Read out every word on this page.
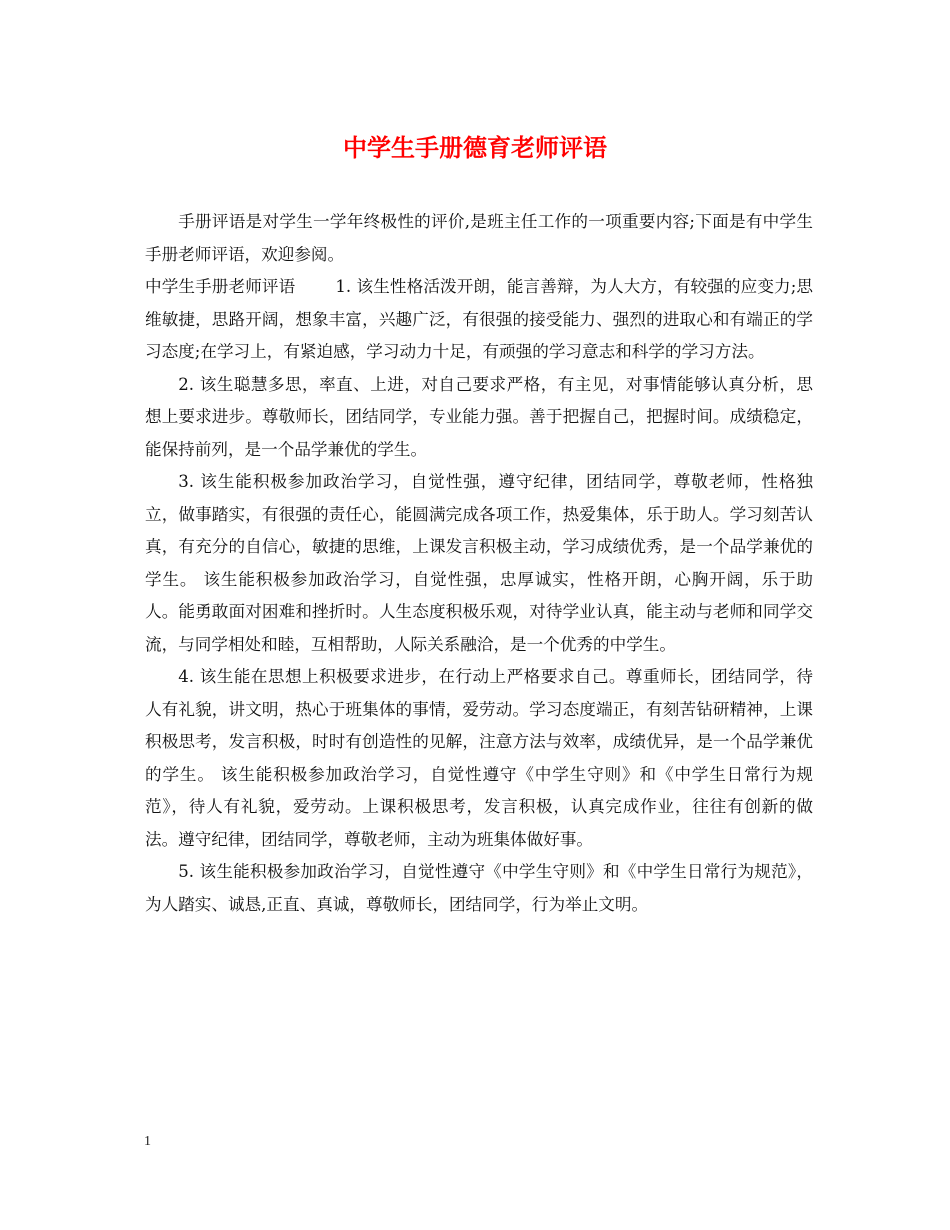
中学生手册德育老师评语

手册评语是对学生一学年终极性的评价,是班主任工作的一项重要内容;下面是有中学生手册老师评语，欢迎参阅。

中学生手册老师评语 1. 该生性格活泼开朗，能言善辩，为人大方，有较强的应变力;思维敏捷，思路开阔，想象丰富，兴趣广泛，有很强的接受能力、强烈的进取心和有端正的学习态度;在学习上，有紧迫感，学习动力十足，有顽强的学习意志和科学的学习方法。

2. 该生聪慧多思，率直、上进，对自己要求严格，有主见，对事情能够认真分析，思想上要求进步。尊敬师长，团结同学，专业能力强。善于把握自己，把握时间。成绩稳定，能保持前列，是一个品学兼优的学生。

3. 该生能积极参加政治学习，自觉性强，遵守纪律，团结同学，尊敬老师，性格独立，做事踏实，有很强的责任心，能圆满完成各项工作，热爱集体，乐于助人。学习刻苦认真，有充分的自信心，敏捷的思维，上课发言积极主动，学习成绩优秀，是一个品学兼优的学生。 该生能积极参加政治学习，自觉性强，忠厚诚实，性格开朗，心胸开阔，乐于助人。能勇敢面对困难和挫折时。人生态度积极乐观，对待学业认真，能主动与老师和同学交流，与同学相处和睦，互相帮助，人际关系融洽，是一个优秀的中学生。

4. 该生能在思想上积极要求进步，在行动上严格要求自己。尊重师长，团结同学，待人有礼貌，讲文明，热心于班集体的事情，爱劳动。学习态度端正，有刻苦钻研精神，上课积极思考，发言积极，时时有创造性的见解，注意方法与效率，成绩优异，是一个品学兼优的学生。 该生能积极参加政治学习，自觉性遵守《中学生守则》和《中学生日常行为规范》，待人有礼貌，爱劳动。上课积极思考，发言积极，认真完成作业，往往有创新的做法。遵守纪律，团结同学，尊敬老师，主动为班集体做好事。

5. 该生能积极参加政治学习，自觉性遵守《中学生守则》和《中学生日常行为规范》，为人踏实、诚恳,正直、真诚，尊敬师长，团结同学，行为举止文明。

1
